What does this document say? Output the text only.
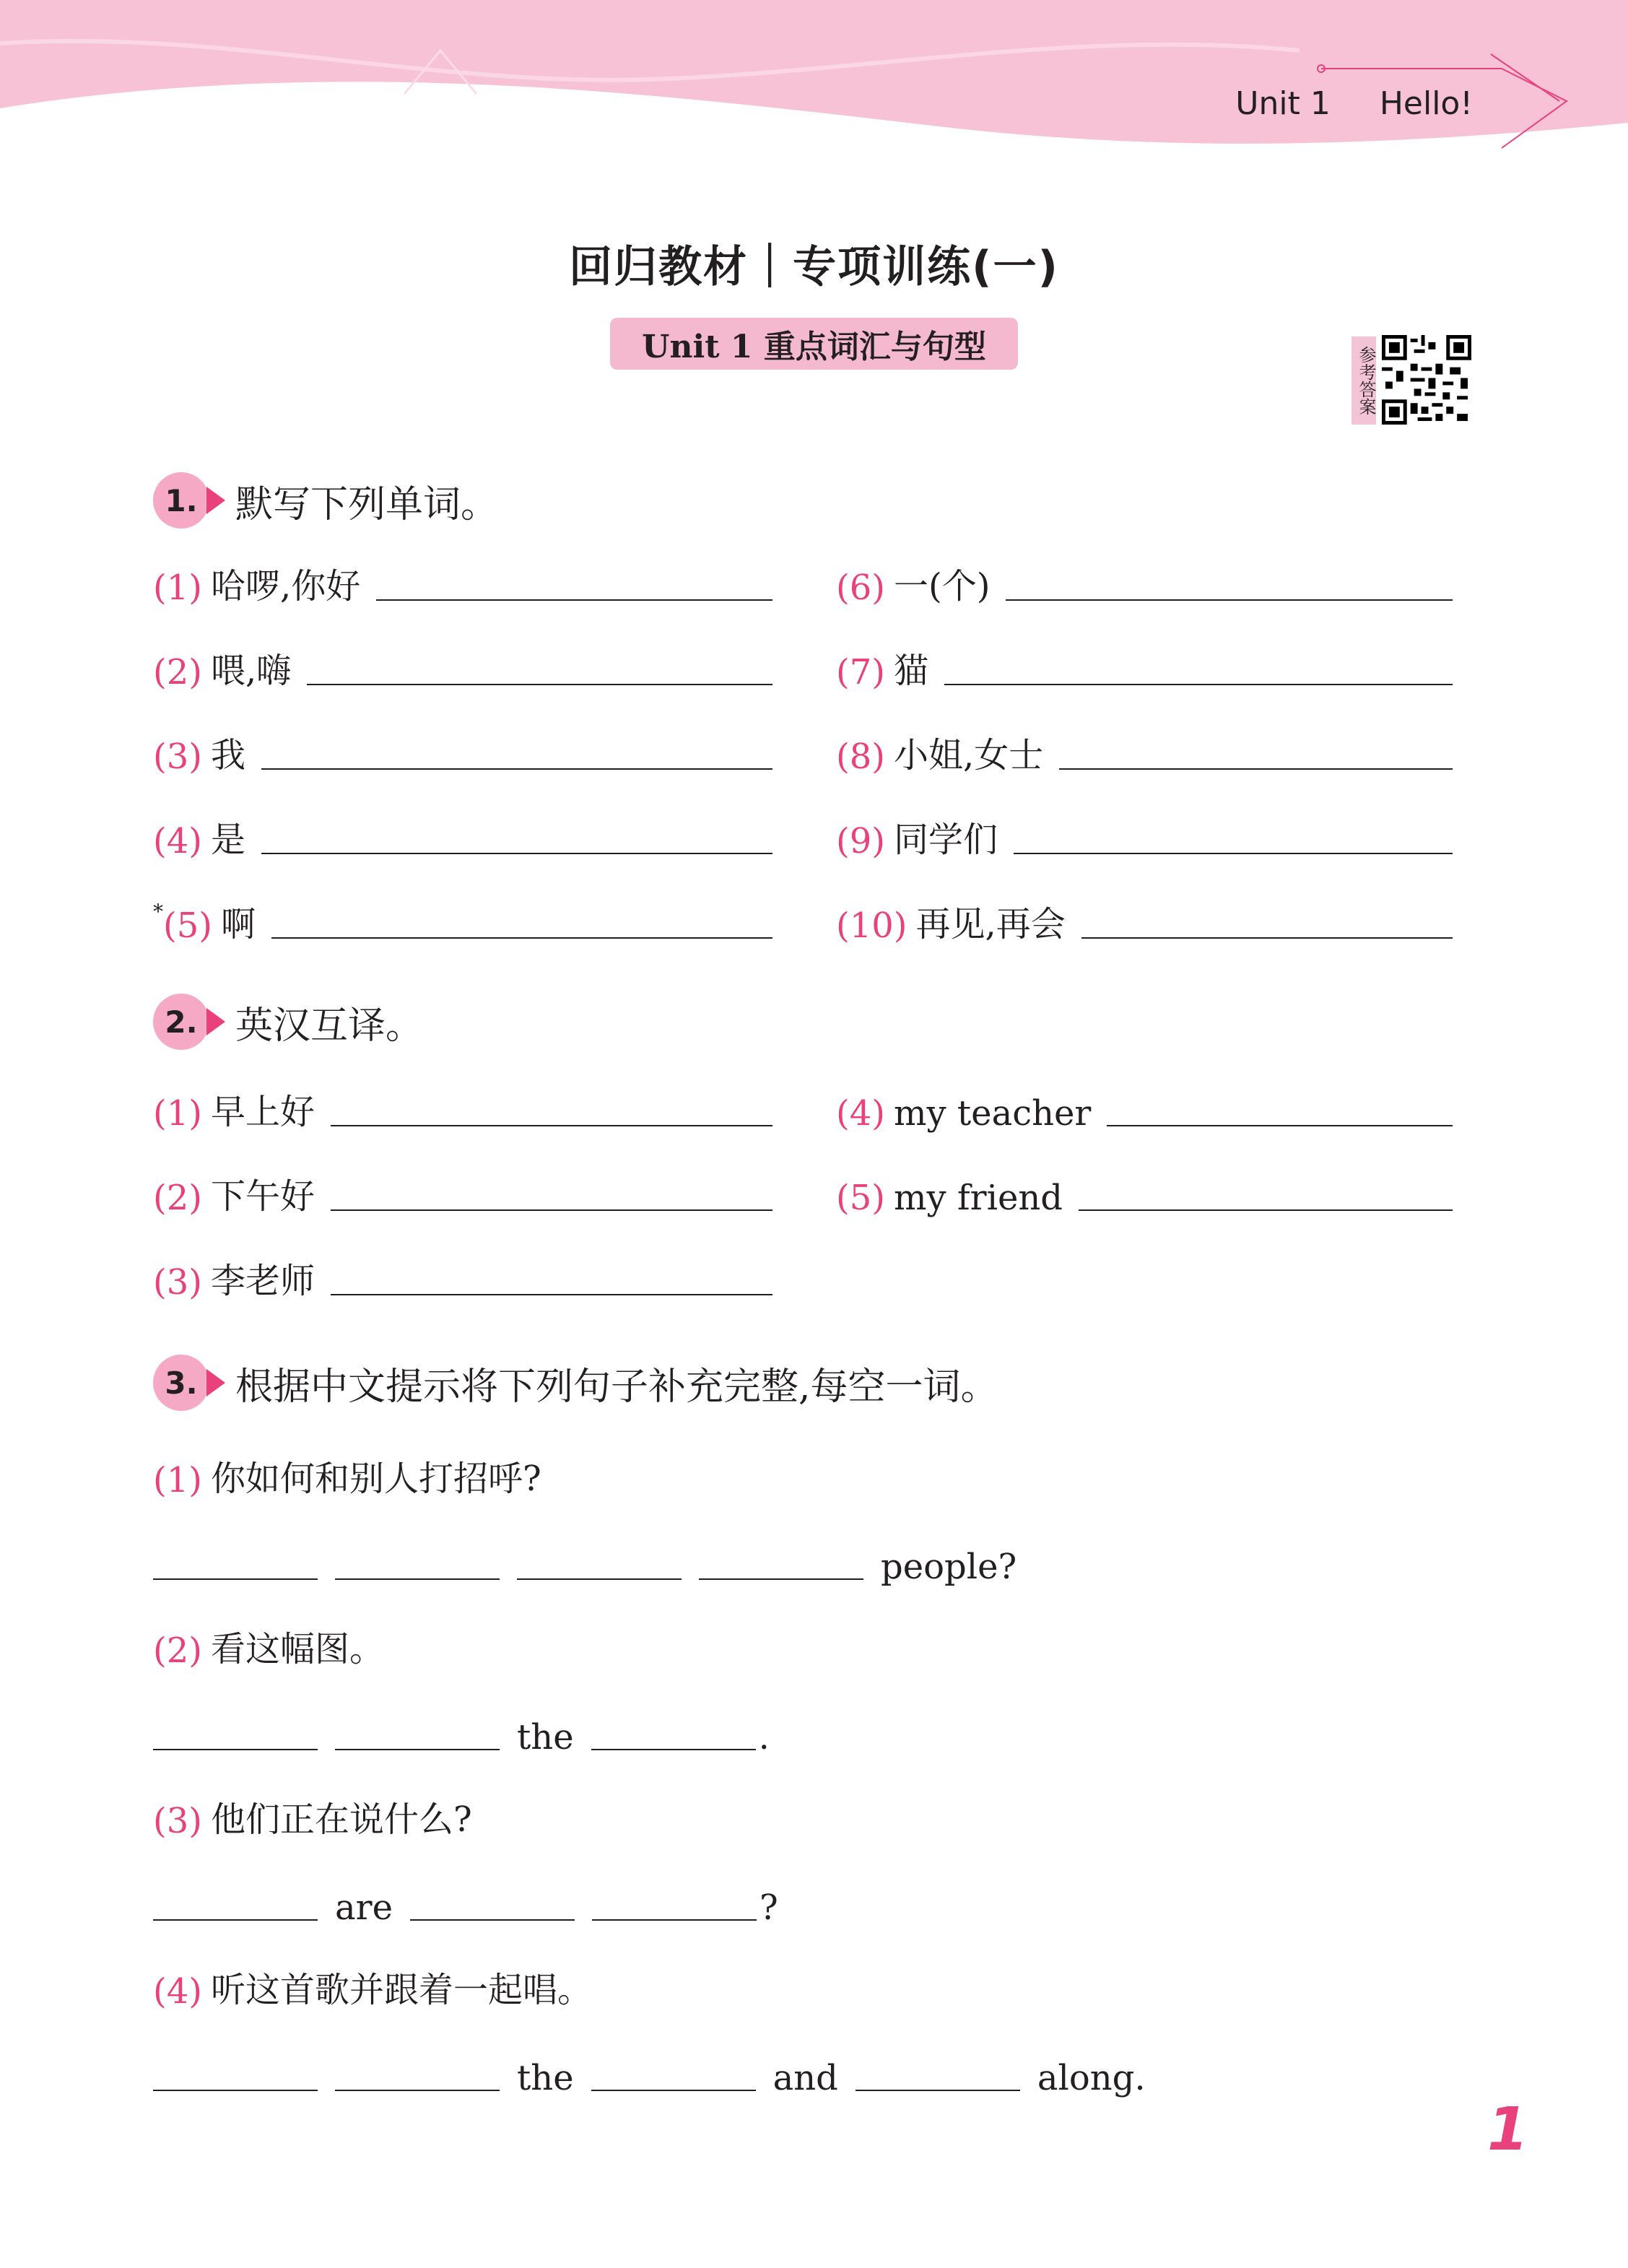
Unit 1 Hello!
回归教材｜专项训练(一)
Unit 1 重点词汇与句型	参考答案
1.	默写下列单词。
(1) 哈啰,你好
(2) 喂,嗨
(3) 我
(4) 是
* (5) 啊
(6) 一(个)
(7) 猫
(8) 小姐,女士
(9) 同学们
(10) 再见,再会
2.	英汉互译。
(1) 早上好
(2) 下午好
(3) 李老师
(4) my teacher
(5) my friend
3.	根据中文提示将下列句子补充完整,每空一词。
(1) 你如何和别人打招呼?
people?
(2) 看这幅图。
the	.
(3) 他们正在说什么?
are	?
(4) 听这首歌并跟着一起唱。
the	and	along.
1
